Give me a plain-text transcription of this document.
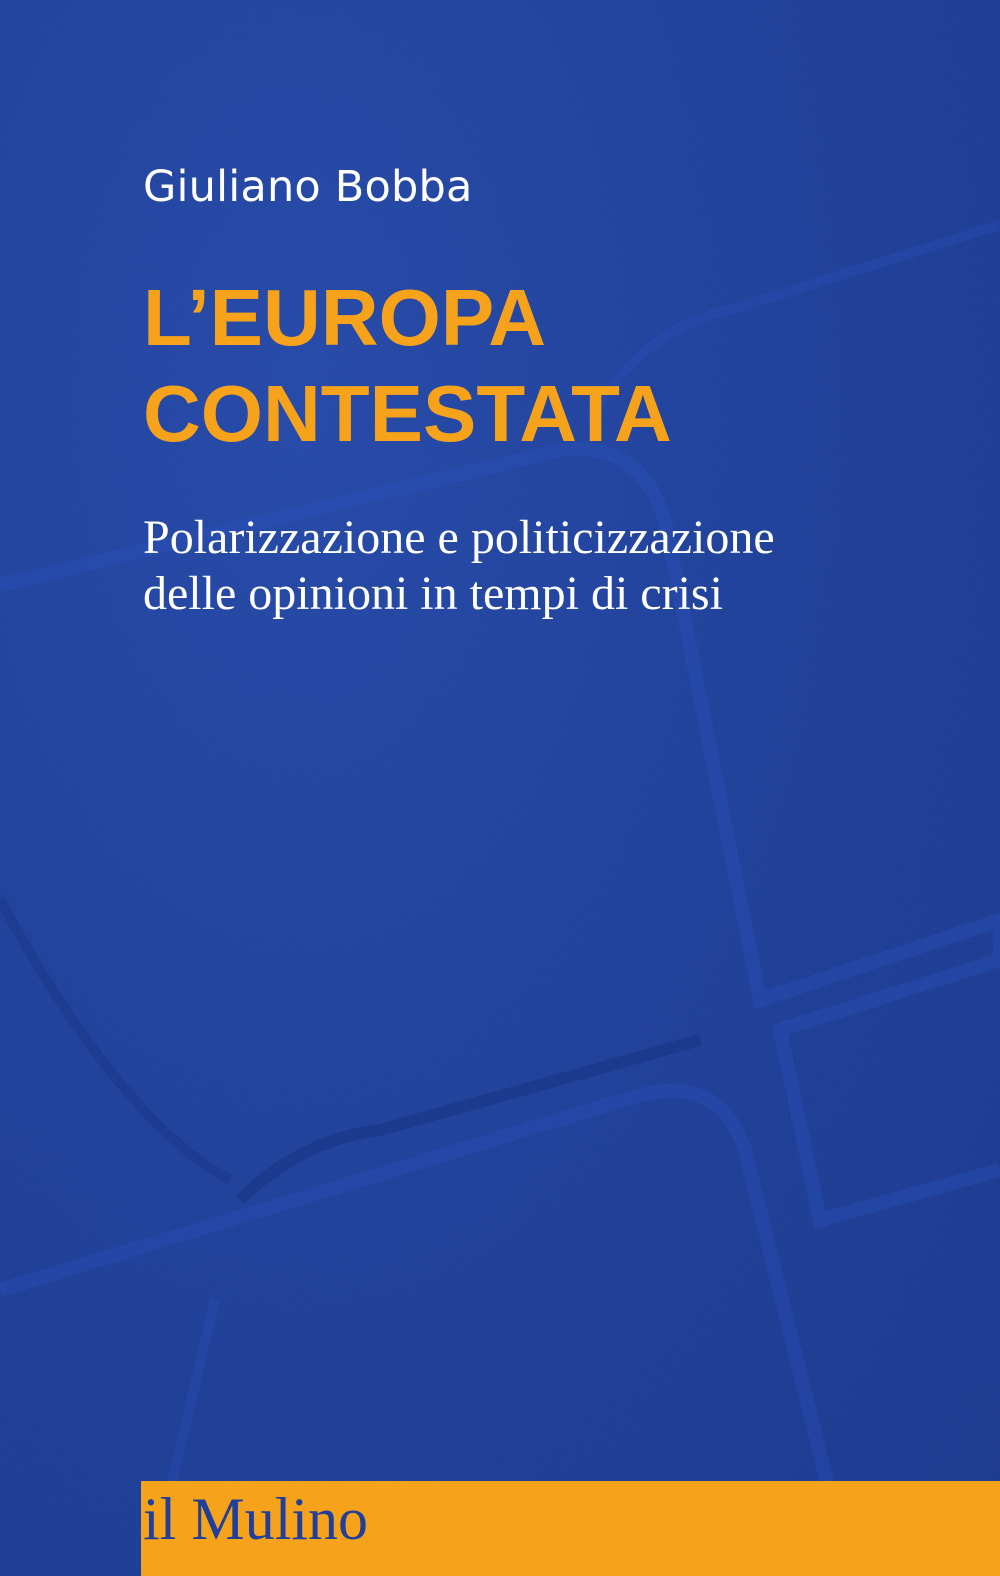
Giuliano Bobba
L’EUROPA
CONTESTATA
Polarizzazione e politicizzazione
delle opinioni in tempi di crisi
il Mulino
